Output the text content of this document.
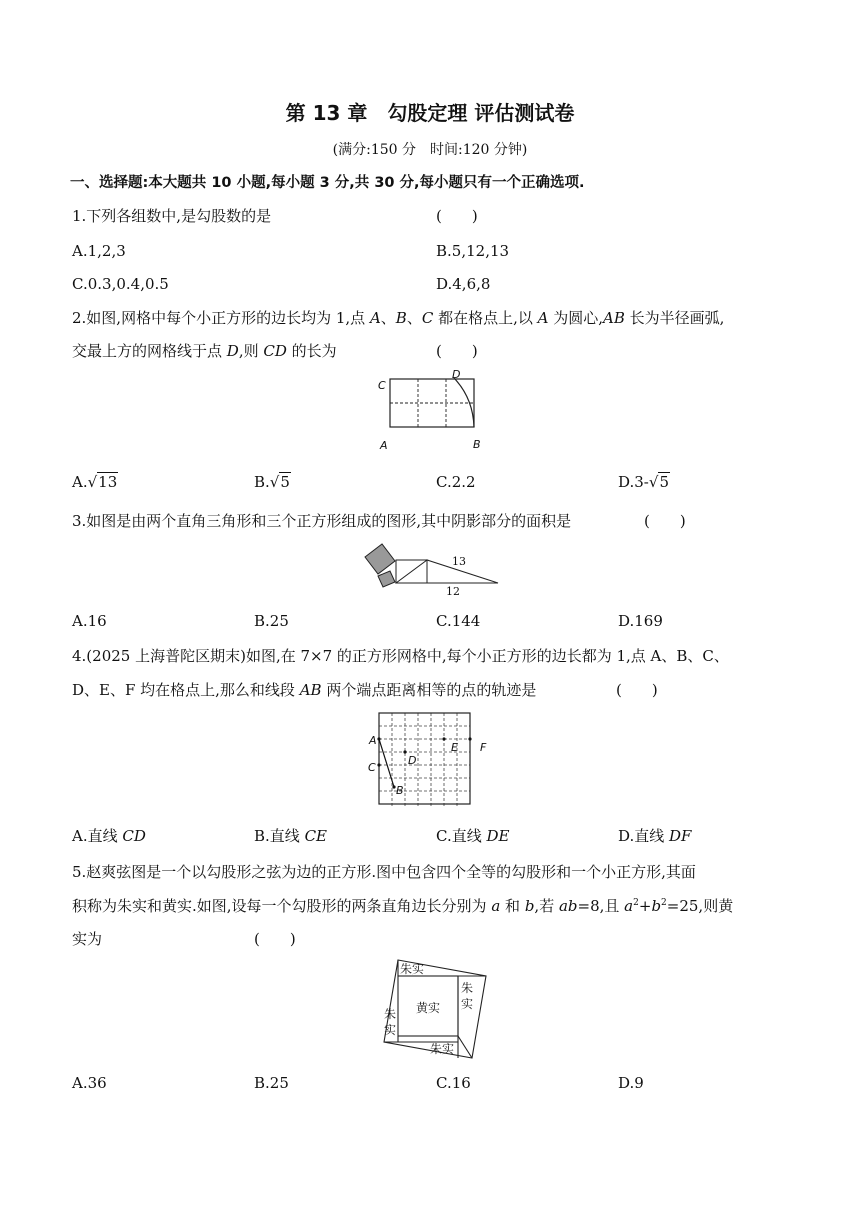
第 13 章　勾股定理 评估测试卷
(满分:150 分　时间:120 分钟)
一、选择题:本大题共 10 小题,每小题 3 分,共 30 分,每小题只有一个正确选项.
1.下列各组数中,是勾股数的是	(　　)
A.1,2,3	B.5,12,13
C.0.3,0.4,0.5	D.4,6,8
2.如图,网格中每个小正方形的边长均为 1,点 A、B、C 都在格点上,以 A 为圆心,AB 长为半径画弧,
交最上方的网格线于点 D,则 CD 的长为	(　　)
C
D
A	B
A.√13	B.√5	C.2.2	D.3-√5
3.如图是由两个直角三角形和三个正方形组成的图形,其中阴影部分的面积是	(　　)
13
12
A.16	B.25	C.144	D.169
4.(2025 上海普陀区期末)如图,在 7×7 的正方形网格中,每个小正方形的边长都为 1,点 A、B、C、
D、E、F 均在格点上,那么和线段 AB 两个端点距离相等的点的轨迹是	(　　)
A
C
D
E F
B
A.直线 CD	B.直线 CE	C.直线 DE	D.直线 DF
5.赵爽弦图是一个以勾股形之弦为边的正方形.图中包含四个全等的勾股形和一个小正方形,其面
积称为朱实和黄实.如图,设每一个勾股形的两条直角边长分别为 a 和 b,若 ab=8,且 $a^2+b^2=25$,则黄
实为	(　　)
朱实
黄实
朱实
朱
实
朱
实
A.36	B.25	C.16	D.9
